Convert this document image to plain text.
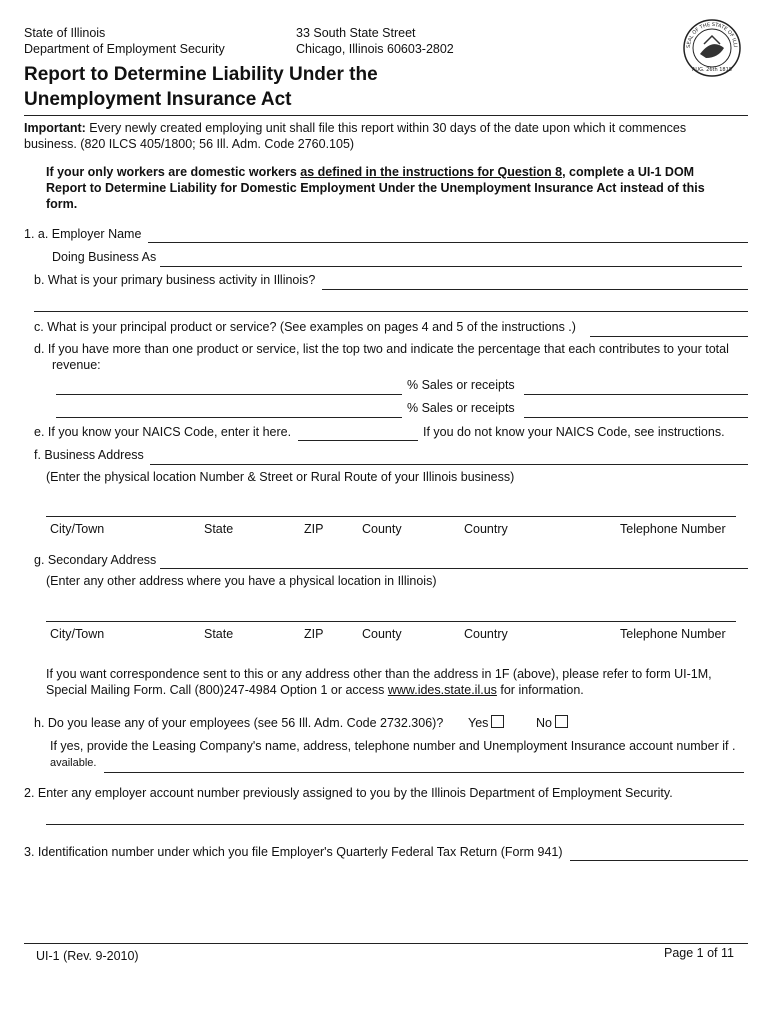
State of Illinois
Department of Employment Security
33 South State Street
Chicago, Illinois 60603-2802	SEAL OF THE STATE OF ILLI
AUG. 26th 1818
Report to Determine Liability Under the
Unemployment Insurance Act
Important: Every newly created employing unit shall file this report within 30 days of the date upon which it commences
business. (820 ILCS 405/1800; 56 Ill. Adm. Code 2760.105)
If your only workers are domestic workers as defined in the instructions for Question 8, complete a UI-1 DOM
Report to Determine Liability for Domestic Employment Under the Unemployment Insurance Act instead of this
form.
1. a. Employer Name
Doing Business As
b. What is your primary business activity in Illinois?
c. What is your principal product or service? (See examples on pages 4 and 5 of the instructions .)
d. If you have more than one product or service, list the top two and indicate the percentage that each contributes to your total
revenue:
% Sales or receipts
% Sales or receipts
e. If you know your NAICS Code, enter it here.	If you do not know your NAICS Code, see instructions.
f. Business Address
(Enter the physical location Number & Street or Rural Route of your Illinois business)
City/Town	State	ZIP	County	Country	Telephone Number
g. Secondary Address
(Enter any other address where you have a physical location in Illinois)
City/Town	State	ZIP	County	Country	Telephone Number
If you want correspondence sent to this or any address other than the address in 1F (above), please refer to form UI-1M,
Special Mailing Form. Call (800)247-4984 Option 1 or access www.ides.state.il.us for information.
h. Do you lease any of your employees (see 56 Ill. Adm. Code 2732.306)? Yes	No
If yes, provide the Leasing Company's name, address, telephone number and Unemployment Insurance account number if .
available.
2. Enter any employer account number previously assigned to you by the Illinois Department of Employment Security.
3. Identification number under which you file Employer's Quarterly Federal Tax Return (Form 941)
UI-1 (Rev. 9-2010)	Page 1 of 11
